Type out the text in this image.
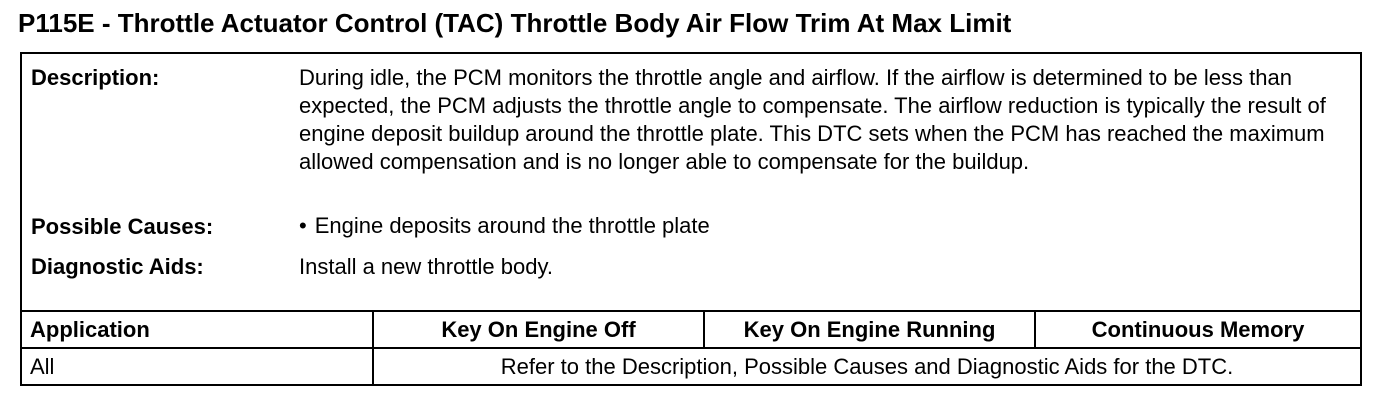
P115E - Throttle Actuator Control (TAC) Throttle Body Air Flow Trim At Max Limit
Description:	During idle, the PCM monitors the throttle angle and airflow. If the airflow is determined to be less than expected, the PCM adjusts the throttle angle to compensate. The airflow reduction is typically the result of engine deposit buildup around the throttle plate. This DTC sets when the PCM has reached the maximum allowed compensation and is no longer able to compensate for the buildup.
Possible Causes:	• Engine deposits around the throttle plate
Diagnostic Aids:	Install a new throttle body.
Application	Key On Engine Off	Key On Engine Running	Continuous Memory
All	Refer to the Description, Possible Causes and Diagnostic Aids for the DTC.
